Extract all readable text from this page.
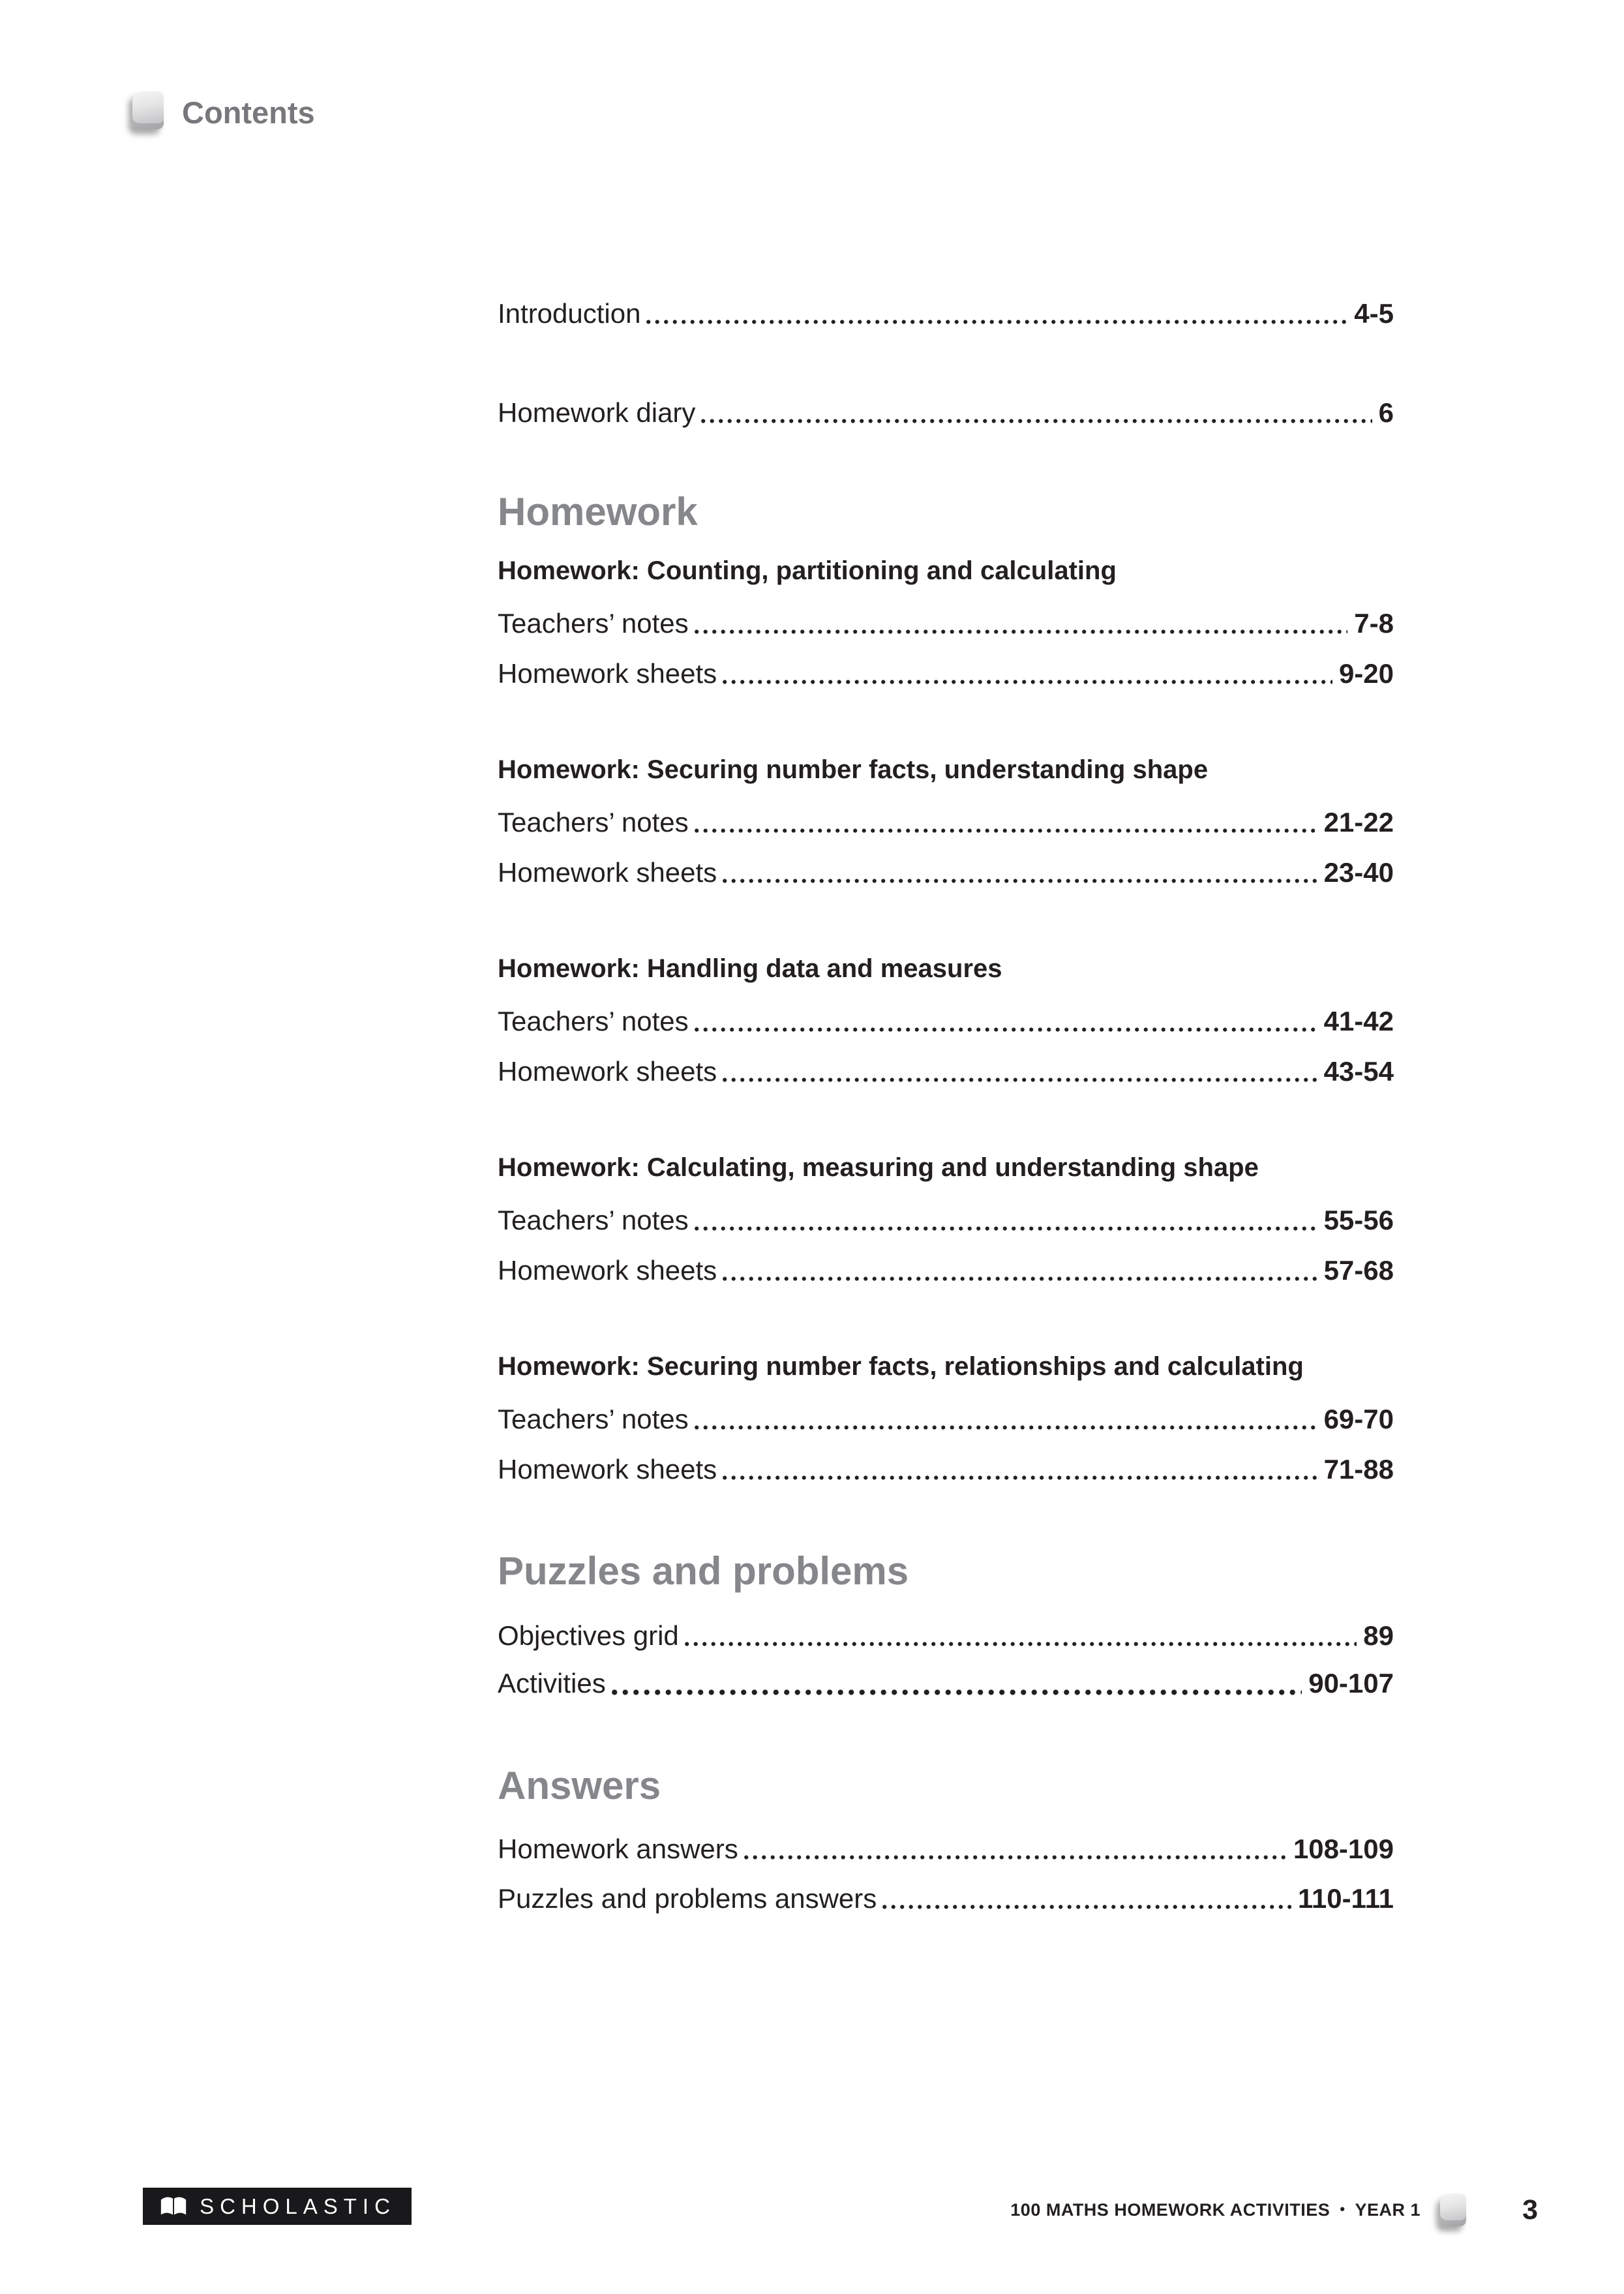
Contents
Introduction	4-5
Homework diary	6
Homework
Homework: Counting, partitioning and calculating
Teachers’ notes	7-8
Homework sheets	9-20
Homework: Securing number facts, understanding shape
Teachers’ notes	21-22
Homework sheets	23-40
Homework: Handling data and measures
Teachers’ notes	41-42
Homework sheets	43-54
Homework: Calculating, measuring and understanding shape
Teachers’ notes	55-56
Homework sheets	57-68
Homework: Securing number facts, relationships and calculating
Teachers’ notes	69-70
Homework sheets	71-88
Puzzles and problems
Objectives grid	89
Activities	90-107
Answers
Homework answers	108-109
Puzzles and problems answers	110-111
SCHOLASTIC	100 MATHS HOMEWORK ACTIVITIES • YEAR 1	3
